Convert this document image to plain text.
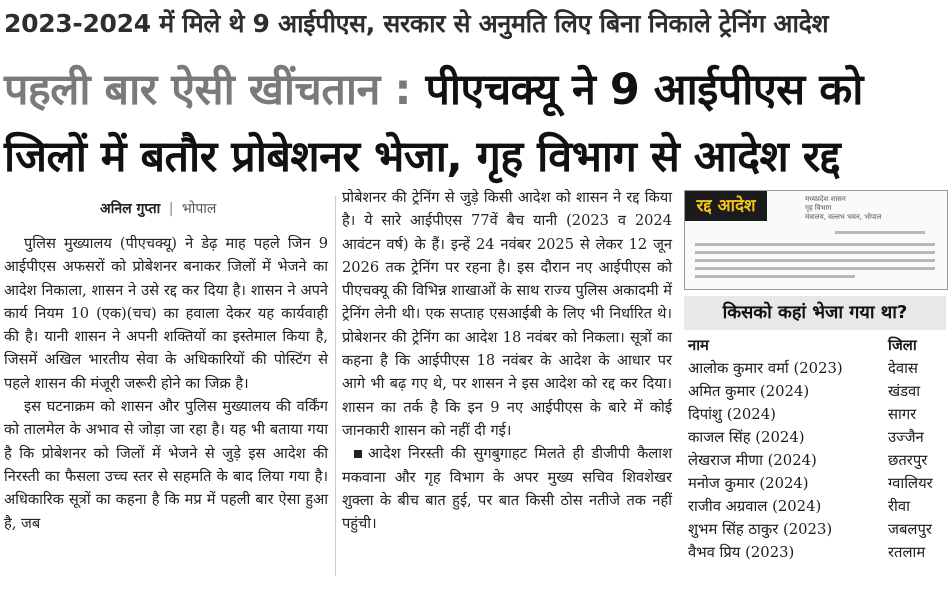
2023-2024 में मिले थे 9 आईपीएस, सरकार से अनुमति लिए बिना निकाले ट्रेनिंग आदेश
पहली बार ऐसी खींचतान : पीएचक्यू ने 9 आईपीएस को
जिलों में बतौर प्रोबेशनर भेजा, गृह विभाग से आदेश रद्द
अनिल गुप्ता | भोपाल

पुलिस मुख्यालय (पीएचक्यू) ने डेढ़ माह पहले जिन 9 आईपीएस अफसरों को प्रोबेशनर बनाकर जिलों में भेजने का आदेश निकाला, शासन ने उसे रद्द कर दिया है। शासन ने अपने कार्य नियम 10 (एक)(चच) का हवाला देकर यह कार्यवाही की है। यानी शासन ने अपनी शक्तियों का इस्तेमाल किया है, जिसमें अखिल भारतीय सेवा के अधिकारियों की पोस्टिंग से पहले शासन की मंजूरी जरूरी होने का जिक्र है।

इस घटनाक्रम को शासन और पुलिस मुख्यालय की वर्किंग को तालमेल के अभाव से जोड़ा जा रहा है। यह भी बताया गया है कि प्रोबेशनर को जिलों में भेजने से जुड़े इस आदेश की निरस्ती का फैसला उच्च स्तर से सहमति के बाद लिया गया है। अधिकारिक सूत्रों का कहना है कि मप्र में पहली बार ऐसा हुआ है, जब

प्रोबेशनर की ट्रेनिंग से जुड़े किसी आदेश को शासन ने रद्द किया है। ये सारे आईपीएस 77वें बैच यानी (2023 व 2024 आवंटन वर्ष) के हैं। इन्हें 24 नवंबर 2025 से लेकर 12 जून 2026 तक ट्रेनिंग पर रहना है। इस दौरान नए आईपीएस को पीएचक्यू की विभिन्न शाखाओं के साथ राज्य पुलिस अकादमी में ट्रेनिंग लेनी थी। एक सप्ताह एसआईबी के लिए भी निर्धारित थे। प्रोबेशनर की ट्रेनिंग का आदेश 18 नवंबर को निकला। सूत्रों का कहना है कि आईपीएस 18 नवंबर के आदेश के आधार पर आगे भी बढ़ गए थे, पर शासन ने इस आदेश को रद्द कर दिया। शासन का तर्क है कि इन 9 नए आईपीएस के बारे में कोई जानकारी शासन को नहीं दी गई।

आदेश निरस्ती की सुगबुगाहट मिलते ही डीजीपी कैलाश मकवाना और गृह विभाग के अपर मुख्य सचिव शिवशेखर शुक्ला के बीच बात हुई, पर बात किसी ठोस नतीजे तक नहीं पहुंची।

रद्द आदेश	मध्यप्रदेश शासन
गृह विभाग
मंत्रालय, वल्लभ भवन, भोपाल
किसको कहां भेजा गया था?
नाम	जिला
आलोक कुमार वर्मा (2023)	देवास
अमित कुमार (2024)	खंडवा
दिपांशु (2024)	सागर
काजल सिंह (2024)	उज्जैन
लेखराज मीणा (2024)	छतरपुर
मनोज कुमार (2024)	ग्वालियर
राजीव अग्रवाल (2024)	रीवा
शुभम सिंह ठाकुर (2023)	जबलपुर
वैभव प्रिय (2023)	रतलाम
